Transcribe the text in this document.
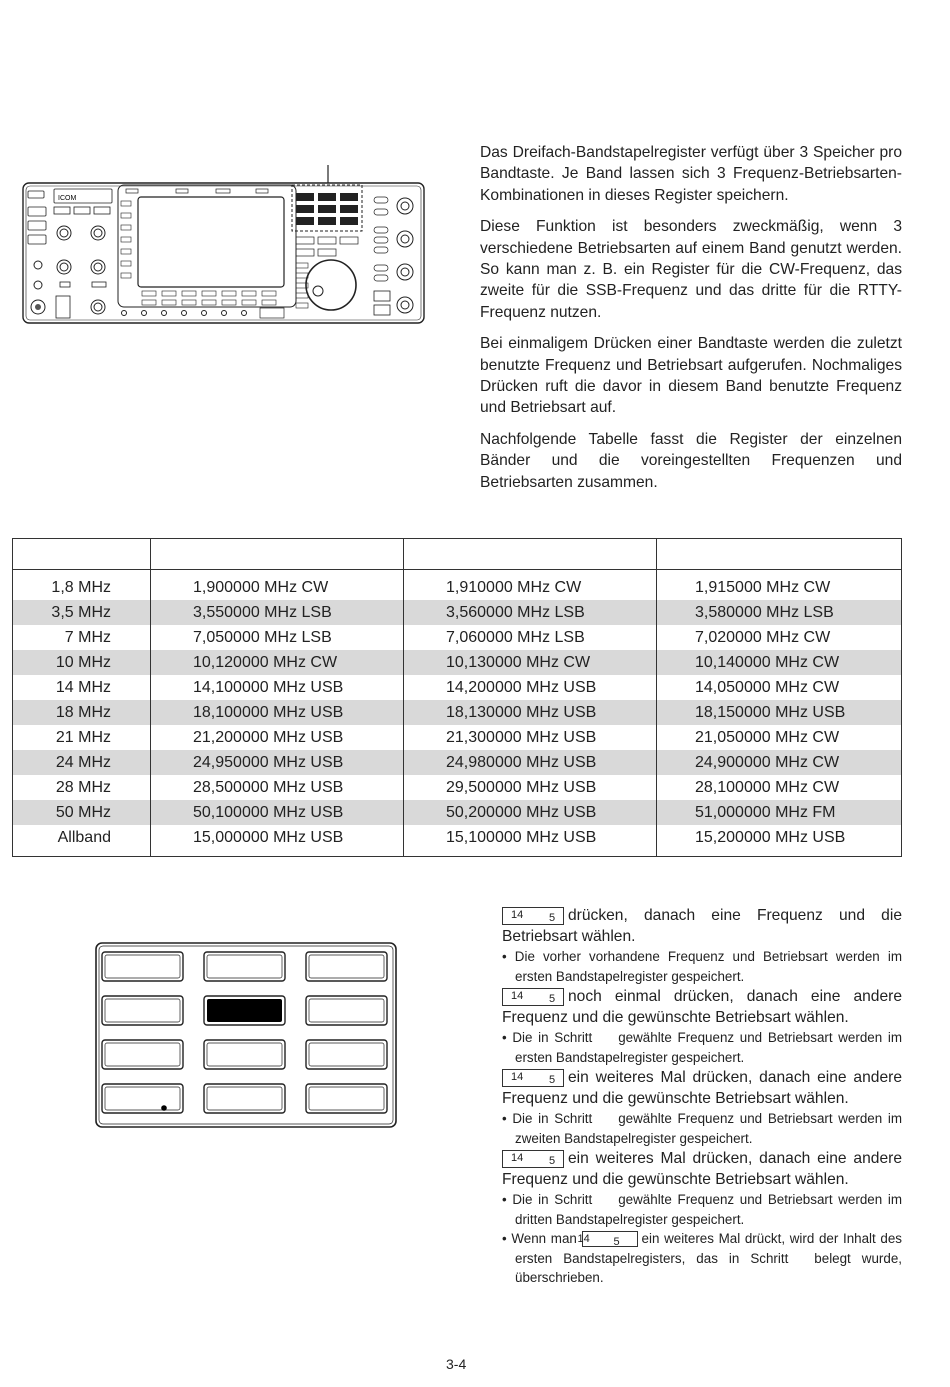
Das Dreifach-Bandstapelregister verfügt über 3 Speicher pro Bandtaste. Je Band lassen sich 3 Frequenz-Betriebsarten-Kombinationen in dieses Register speichern.

Diese Funktion ist besonders zweckmäßig, wenn 3 verschiedene Betriebsarten auf einem Band genutzt werden. So kann man z. B. ein Register für die CW-Frequenz, das zweite für die SSB-Frequenz und das dritte für die RTTY-Frequenz nutzen.

Bei einmaligem Drücken einer Bandtaste werden die zuletzt benutzte Frequenz und Betriebsart aufgerufen. Nochmaliges Drücken ruft die davor in diesem Band benutzte Frequenz und Betriebsart auf.

Nachfolgende Tabelle fasst die Register der einzelnen Bänder und die voreingestellten Frequenzen und Betriebsarten zusammen.

ICOM

1,8 MHz	1,900000 MHz CW	1,910000 MHz CW	1,915000 MHz CW
3,5 MHz	3,550000 MHz LSB	3,560000 MHz LSB	3,580000 MHz LSB
7 MHz	7,050000 MHz LSB	7,060000 MHz LSB	7,020000 MHz CW
10 MHz	10,120000 MHz CW	10,130000 MHz CW	10,140000 MHz CW
14 MHz	14,100000 MHz USB	14,200000 MHz USB	14,050000 MHz CW
18 MHz	18,100000 MHz USB	18,130000 MHz USB	18,150000 MHz USB
21 MHz	21,200000 MHz USB	21,300000 MHz USB	21,050000 MHz CW
24 MHz	24,950000 MHz USB	24,980000 MHz USB	24,900000 MHz CW
28 MHz	28,500000 MHz USB	29,500000 MHz USB	28,100000 MHz CW
50 MHz	50,100000 MHz USB	50,200000 MHz USB	51,000000 MHz FM
Allband	15,000000 MHz USB	15,100000 MHz USB	15,200000 MHz USB

14 5 drücken, danach eine Frequenz und die Betriebsart wählen.

• Die vorher vorhandene Frequenz und Betriebsart werden im ersten Bandstapelregister gespeichert.

14 5 noch einmal drücken, danach eine andere Frequenz und die gewünschte Betriebsart wählen.

• Die in Schritt gewählte Frequenz und Betriebsart werden im ersten Bandstapelregister gespeichert.

14 5 ein weiteres Mal drücken, danach eine andere Frequenz und die gewünschte Betriebsart wählen.

• Die in Schritt gewählte Frequenz und Betriebsart werden im zweiten Bandstapelregister gespeichert.

14 5 ein weiteres Mal drücken, danach eine andere Frequenz und die gewünschte Betriebsart wählen.

• Die in Schritt gewählte Frequenz und Betriebsart werden im dritten Bandstapelregister gespeichert.

• Wenn man 14 5	ein weiteres Mal drückt, wird der Inhalt des ersten Bandstapelregisters, das in Schritt belegt wurde, überschrieben.

3-4
